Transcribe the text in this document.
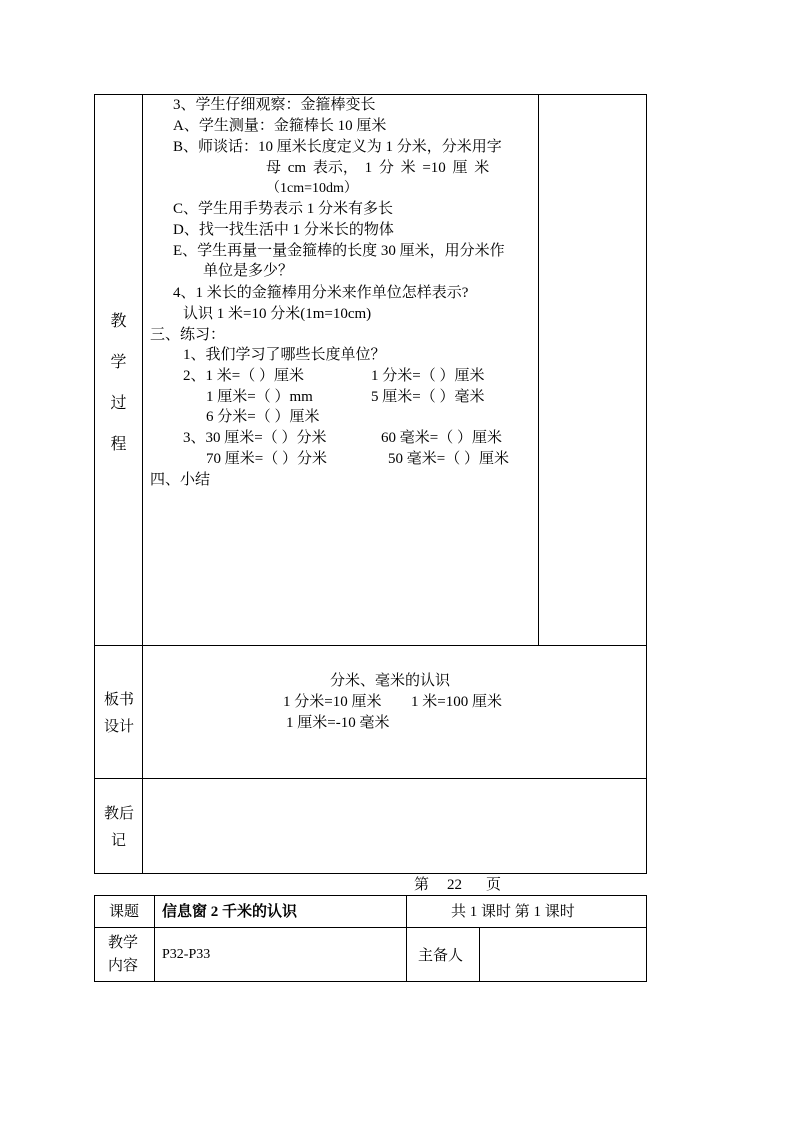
教
学
过
程
3、学生仔细观察：金箍棒变长
A、学生测量：金箍棒长 10 厘米
B、师谈话：10 厘米长度定义为 1 分米，分米用字
母 cm 表示， 1 分 米 =10 厘 米
（1cm=10dm）
C、学生用手势表示 1 分米有多长
D、找一找生活中 1 分米长的物体
E、学生再量一量金箍棒的长度 30 厘米，用分米作
单位是多少？
4、1 米长的金箍棒用分米来作单位怎样表示?
认识 1 米=10 分米(1m=10cm)
三、练习：
1、我们学习了哪些长度单位？
2、1 米=（ ）厘米	1 分米=（ ）厘米
1 厘米=（ ）mm	5 厘米=（ ）毫米
6 分米=（ ）厘米
3、30 厘米=（ ）分米	60 毫米=（ ）厘米
70 厘米=（ ）分米	50 毫米=（ ）厘米
四、小结
板书
设计
分米、毫米的认识
1 分米=10 厘米 1 米=100 厘米
1 厘米=-10 毫米
教后
记
第 22 页
课题 信息窗 2 千米的认识	共 1 课时 第 1 课时
教学
内容
P32-P33	主备人
